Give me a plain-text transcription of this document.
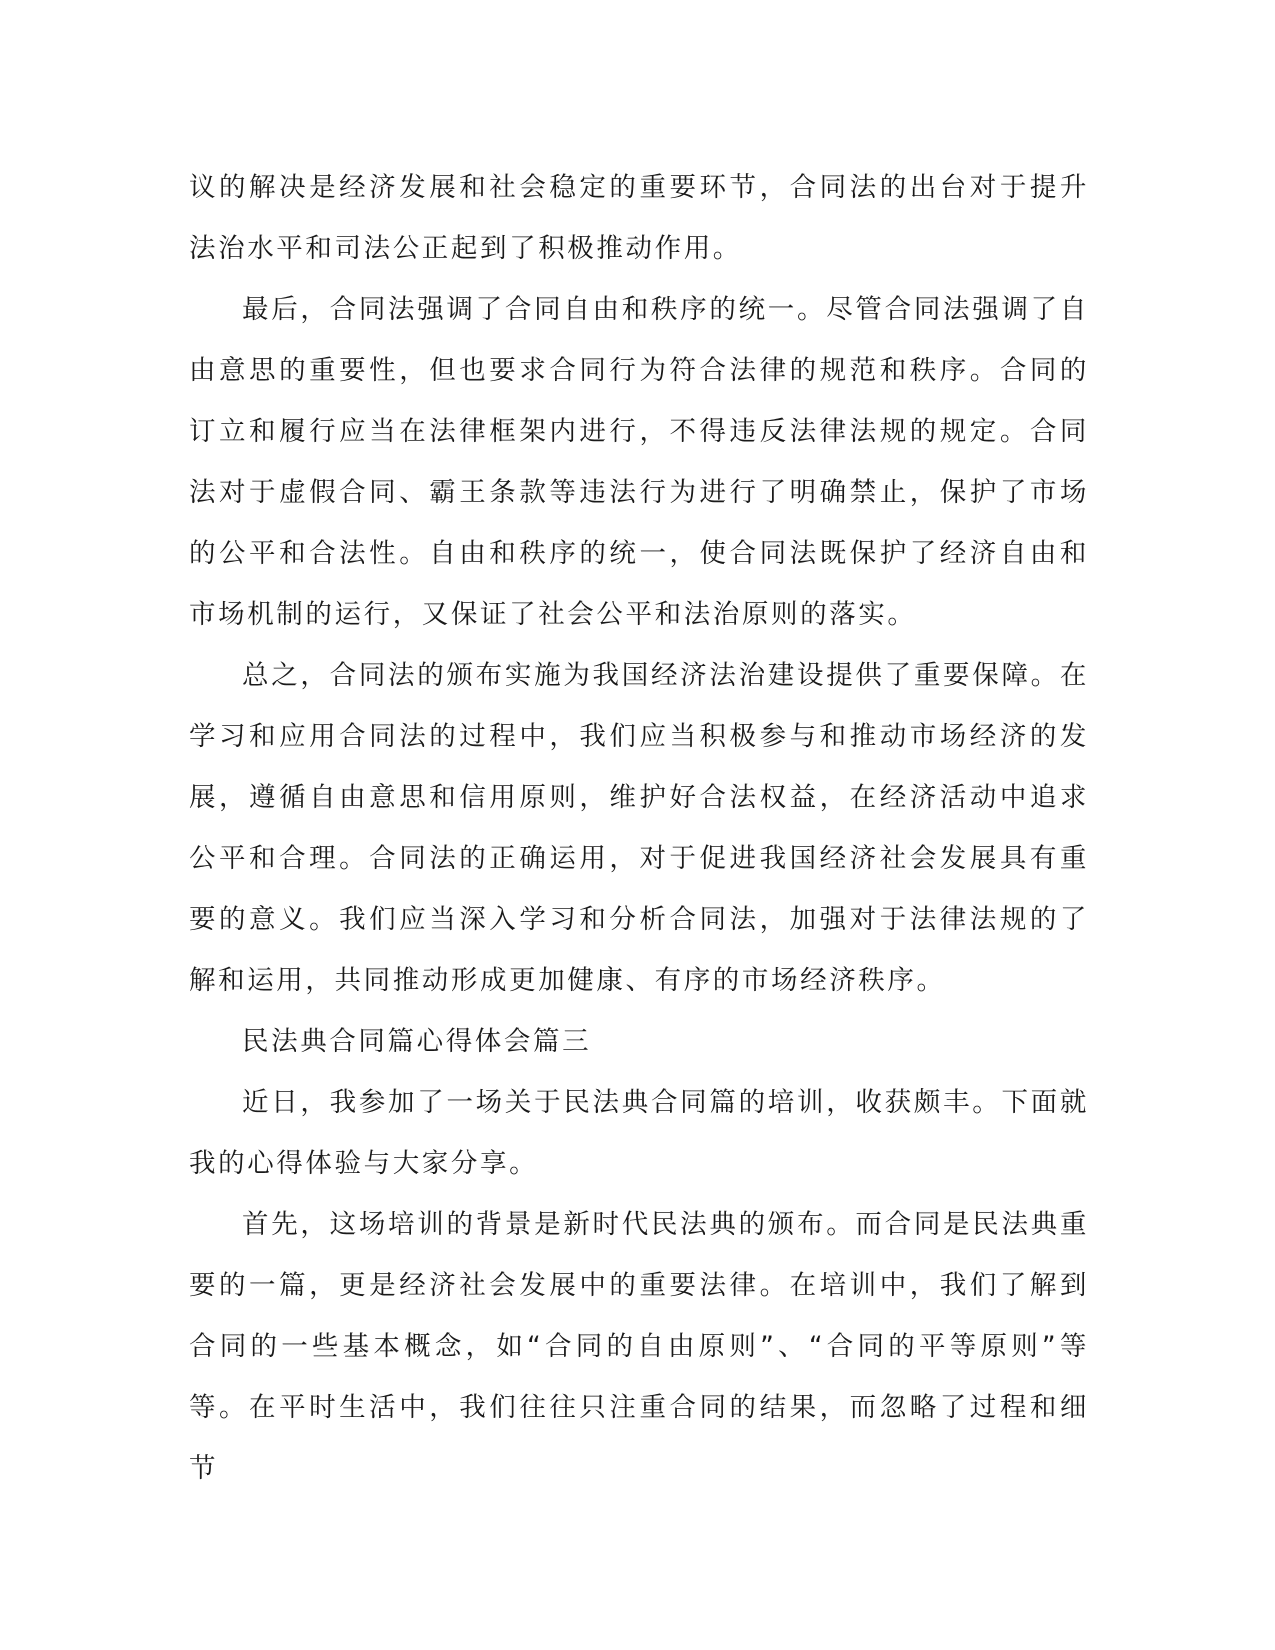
议的解决是经济发展和社会稳定的重要环节，合同法的出台对于提升法治水平和司法公正起到了积极推动作用。

最后，合同法强调了合同自由和秩序的统一。尽管合同法强调了自由意思的重要性，但也要求合同行为符合法律的规范和秩序。合同的订立和履行应当在法律框架内进行，不得违反法律法规的规定。合同法对于虚假合同、霸王条款等违法行为进行了明确禁止，保护了市场的公平和合法性。自由和秩序的统一，使合同法既保护了经济自由和市场机制的运行，又保证了社会公平和法治原则的落实。

总之，合同法的颁布实施为我国经济法治建设提供了重要保障。在学习和应用合同法的过程中，我们应当积极参与和推动市场经济的发展，遵循自由意思和信用原则，维护好合法权益，在经济活动中追求公平和合理。合同法的正确运用，对于促进我国经济社会发展具有重要的意义。我们应当深入学习和分析合同法，加强对于法律法规的了解和运用，共同推动形成更加健康、有序的市场经济秩序。

民法典合同篇心得体会篇三

近日，我参加了一场关于民法典合同篇的培训，收获颇丰。下面就我的心得体验与大家分享。

首先，这场培训的背景是新时代民法典的颁布。而合同是民法典重要的一篇，更是经济社会发展中的重要法律。在培训中，我们了解到合同的一些基本概念，如“合同的自由原则”、“合同的平等原则”等等。在平时生活中，我们往往只注重合同的结果，而忽略了过程和细节
